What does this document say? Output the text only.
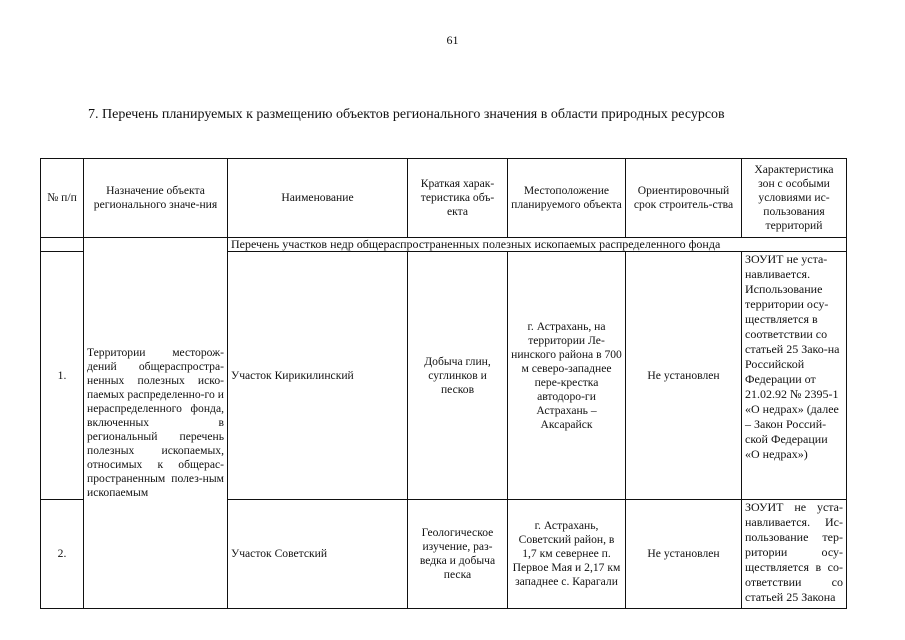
61
7. Перечень планируемых к размещению объектов регионального значения в области природных ресурсов
№ п/п	Назначение объекта регионального значе-ния	Наименование	Краткая харак-теристика объ-екта	Местоположение планируемого объекта	Ориентировочный срок строитель-ства	Характеристика зон с особыми условиями ис-пользования территорий
	Территории месторож-дений общераспростра-ненных полезных иско-паемых распределенно-го и нераспределенного фонда, включенных в региональный перечень полезных ископаемых, относимых к общерас-пространенным полез-ным ископаемым	Перечень участков недр общераспространенных полезных ископаемых распределенного фонда				
1.		Участок Кирикилинский	Добыча глин, суглинков и песков	г. Астрахань, на территории Ле-нинского района в 700 м северо-западнее пере-крестка автодоро-ги Астрахань – Аксарайск	Не установлен	ЗОУИТ не уста-навливается. Использование территории осу-ществляется в соответствии со статьей 25 Зако-на Российской Федерации от 21.02.92 № 2395-1 «О недрах» (далее – Закон Россий-ской Федерации «О недрах»)
2.		Участок Советский	Геологическое изучение, раз-ведка и добыча песка	г. Астрахань, Советский район, в 1,7 км севернее п. Первое Мая и 2,17 км западнее с. Карагали	Не установлен	ЗОУИТ не уста-навливается. Ис-пользование тер-ритории осу-ществляется в со-ответствии со статьей 25 Закона
